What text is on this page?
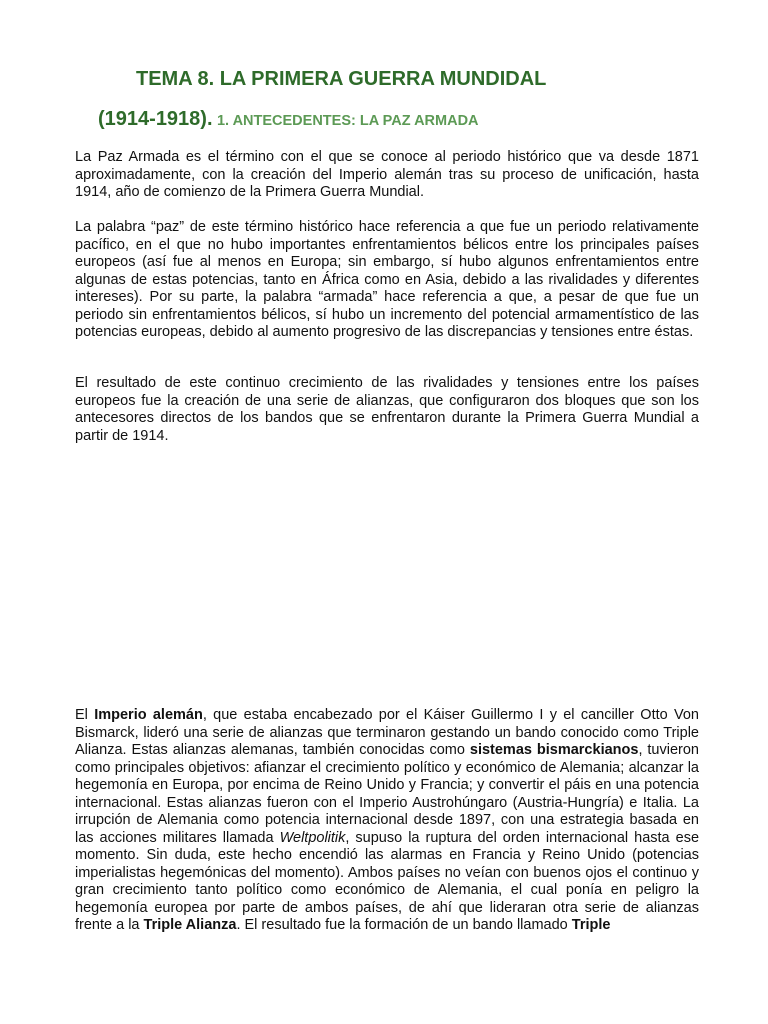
TEMA 8. LA PRIMERA GUERRA MUNDIDAL
(1914-1918). 1. ANTECEDENTES: LA PAZ ARMADA

La Paz Armada es el término con el que se conoce al periodo histórico que va desde 1871 aproximadamente, con la creación del Imperio alemán tras su proceso de unificación, hasta 1914, año de comienzo de la Primera Guerra Mundial.

La palabra “paz” de este término histórico hace referencia a que fue un periodo relativamente pacífico, en el que no hubo importantes enfrentamientos bélicos entre los principales países europeos (así fue al menos en Europa; sin embargo, sí hubo algunos enfrentamientos entre algunas de estas potencias, tanto en África como en Asia, debido a las rivalidades y diferentes intereses). Por su parte, la palabra “armada” hace referencia a que, a pesar de que fue un periodo sin enfrentamientos bélicos, sí hubo un incremento del potencial armamentístico de las potencias europeas, debido al aumento progresivo de las discrepancias y tensiones entre éstas.

El resultado de este continuo crecimiento de las rivalidades y tensiones entre los países europeos fue la creación de una serie de alianzas, que configuraron dos bloques que son los antecesores directos de los bandos que se enfrentaron durante la Primera Guerra Mundial a partir de 1914.

El Imperio alemán, que estaba encabezado por el Káiser Guillermo I y el canciller Otto Von Bismarck, lideró una serie de alianzas que terminaron gestando un bando conocido como Triple Alianza. Estas alianzas alemanas, también conocidas como sistemas bismarckianos, tuvieron como principales objetivos: afianzar el crecimiento político y económico de Alemania; alcanzar la hegemonía en Europa, por encima de Reino Unido y Francia; y convertir el páis en una potencia internacional. Estas alianzas fueron con el Imperio Austrohúngaro (Austria-Hungría) e Italia. La irrupción de Alemania como potencia internacional desde 1897, con una estrategia basada en las acciones militares llamada Weltpolitik, supuso la ruptura del orden internacional hasta ese momento. Sin duda, este hecho encendió las alarmas en Francia y Reino Unido (potencias imperialistas hegemónicas del momento). Ambos países no veían con buenos ojos el continuo y gran crecimiento tanto político como económico de Alemania, el cual ponía en peligro la hegemonía europea por parte de ambos países, de ahí que lideraran otra serie de alianzas frente a la Triple Alianza. El resultado fue la formación de un bando llamado Triple
